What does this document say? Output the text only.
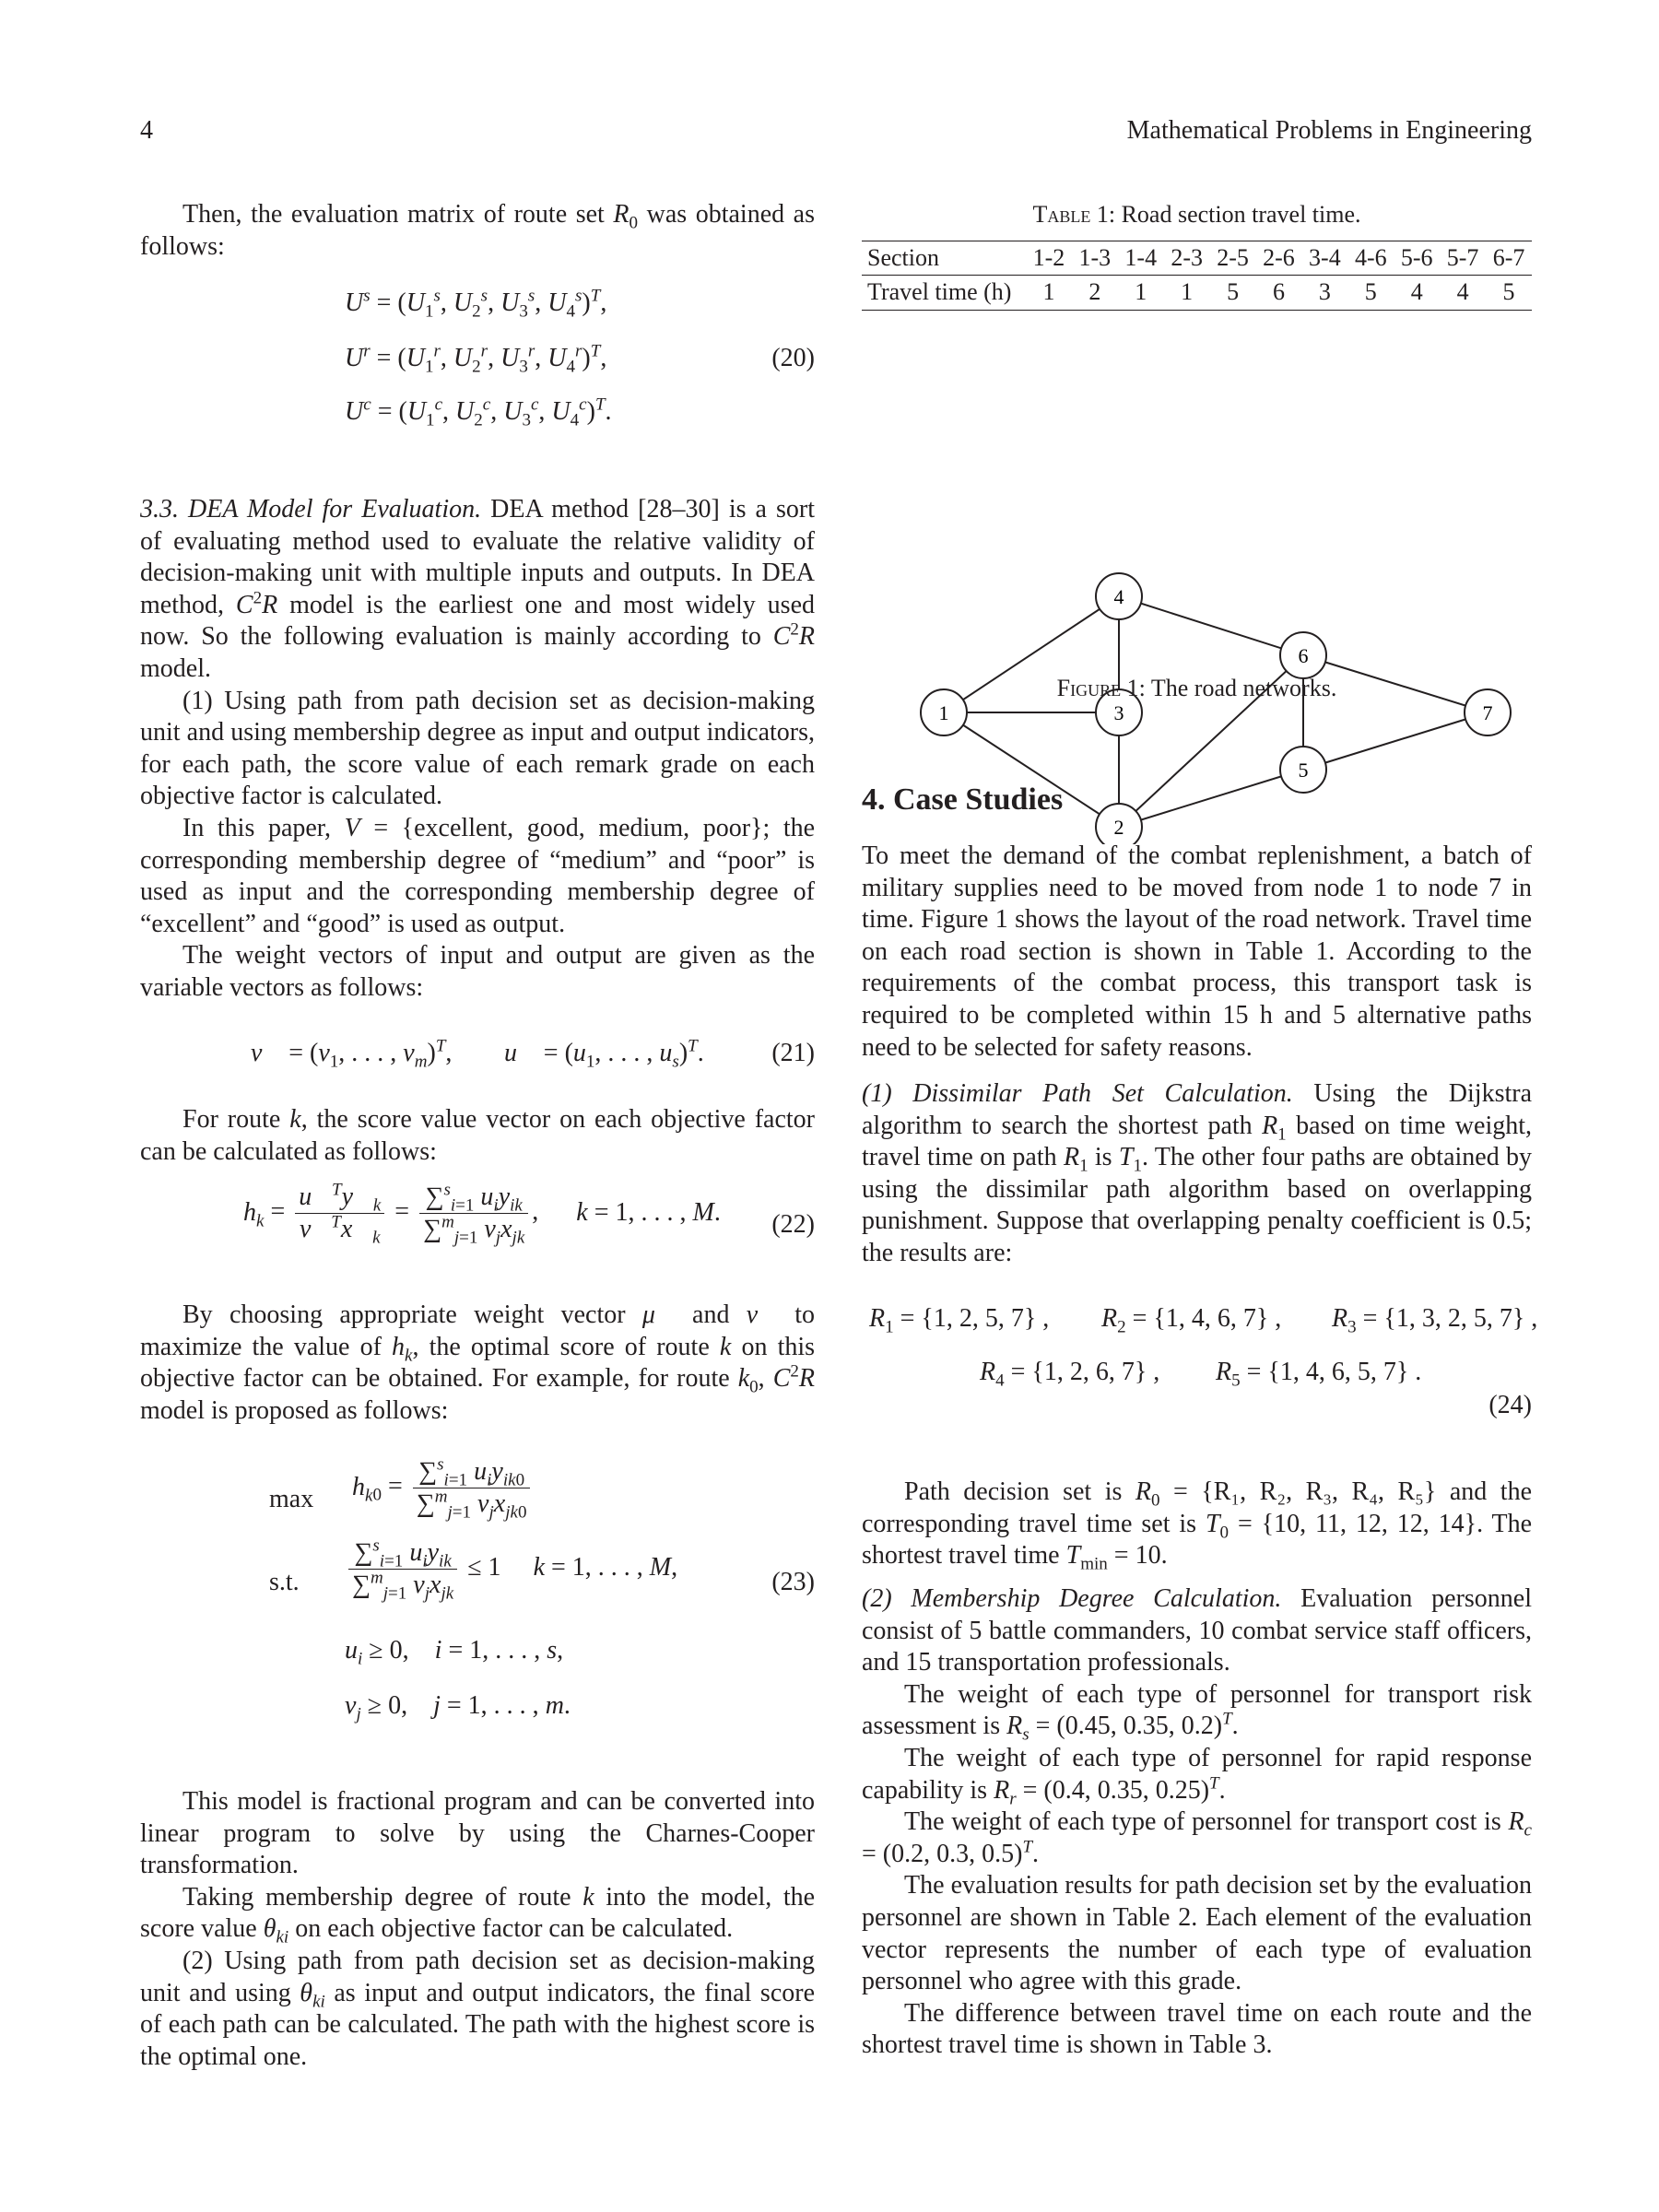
4	Mathematical Problems in Engineering

Then, the evaluation matrix of route set $R_0$ was obtained as follows:

$U^s = (U_1^s$, $U_2^s$, $U_3^s$, $U_4^s)^T$,
$U^r = (U_1^r$, $U_2^r$, $U_3^r$, $U_4^r)^T$,
$U^c = (U_1^c$, $U_2^c$, $U_3^c$, $U_4^c)^T$.
(20)

3.3. DEA Model for Evaluation. DEA method [28–30] is a sort of evaluating method used to evaluate the relative validity of decision-making unit with multiple inputs and outputs. In DEA method, $C^2R$ model is the earliest one and most widely used now. So the following evaluation is mainly according to $C^2R$ model.

(1) Using path from path decision set as decision-making unit and using membership degree as input and output indicators, for each path, the score value of each remark grade on each objective factor is calculated.

In this paper, V = {excellent, good, medium, poor}; the corresponding membership degree of “medium” and “poor” is used as input and the corresponding membership degree of “excellent” and “good” is used as output.

The weight vectors of input and output are given as the variable vectors as follows:

v⃗ = ($v_1$, . . . , $v_m)^T$, u⃗ = ($u_1$, . . . , $u_s)^T$.	(21)

For route k, the score value vector on each objective factor can be calculated as follows:

$h_k = \frac{u⃗^Ty⃗_k}{v⃗^Tx⃗_k} = \frac{\sum^s_{i=1} u_iy_{ik}}{\sum^m_{j=1} v_jx_{jk}}$ , k = 1, . . . , M. (22)

By choosing appropriate weight vector μ⃗ and v⃗ to maximize the value of $h_k$, the optimal score of route k on this objective factor can be obtained. For example, for route $k_0$, $C^2R$ model is proposed as follows:

$\max h_{k0} = \frac{\sum^s_{i=1} u_iy_{ik0}}{\sum^m_{j=1} v_jx_{jk0}}$
s.t. $\frac{\sum^s_{i=1} u_iy_{ik}}{\sum^m_{j=1} v_jx_{jk}} \le 1$     k = 1, . . . , M,
(23)
$u_i \ge 0$,    i = 1, . . . , s,
$v_j \ge 0$,    j = 1, . . . , m.

This model is fractional program and can be converted into linear program to solve by using the Charnes-Cooper transformation.

Taking membership degree of route k into the model, the score value $\theta_{ki}$ on each objective factor can be calculated.

(2) Using path from path decision set as decision-making unit and using $\theta_{ki}$ as input and output indicators, the final score of each path can be calculated. The path with the highest score is the optimal one.

Table 1: Road section travel time.
Section	1-2	1-3	1-4	2-3	2-5	2-6	3-4	4-6	5-6	5-7	6-7
Travel time (h)	1	2	1	1	5	6	3	5	4	4	5
1
2
3
4
5
6
7
Figure 1: The road networks.
4. Case Studies

To meet the demand of the combat replenishment, a batch of military supplies need to be moved from node 1 to node 7 in time. Figure 1 shows the layout of the road network. Travel time on each road section is shown in Table 1. According to the requirements of the combat process, this transport task is required to be completed within 15 h and 5 alternative paths need to be selected for safety reasons.

(1) Dissimilar Path Set Calculation. Using the Dijkstra algorithm to search the shortest path $R_1$ based on time weight, travel time on path $R_1$ is $T_1$. The other four paths are obtained by using the dissimilar path algorithm based on overlapping punishment. Suppose that overlapping penalty coefficient is 0.5; the results are:

$R_1 = \{1$, 2, 5, 7} , $R_2 = \{1$, 4, 6, 7} , $R_3 = \{1$, 3, 2, 5, 7} ,
$R_4 = \{1$, 2, 6, 7} , $R_5 = \{1$, 4, 6, 5, 7} .
(24)

Path decision set is $R_0 = \{R_1$, R₂, R₃, R₄, R₅} and the corresponding travel time set is $T_0 = \{10$, 11, 12, 12, 14}. The shortest travel time $T_{min} = 10$.

(2) Membership Degree Calculation. Evaluation personnel consist of 5 battle commanders, 10 combat service staff officers, and 15 transportation professionals.

The weight of each type of personnel for transport risk assessment is $R_s = (0.45$, 0.35, 0.2)$^T$.

The weight of each type of personnel for rapid response capability is $R_r = (0.4$, 0.35, 0.25)$^T$.

The weight of each type of personnel for transport cost is $R_c = (0.2$, 0.3, 0.5)$^T$.

The evaluation results for path decision set by the evaluation personnel are shown in Table 2. Each element of the evaluation vector represents the number of each type of evaluation personnel who agree with this grade.

The difference between travel time on each route and the shortest travel time is shown in Table 3.
